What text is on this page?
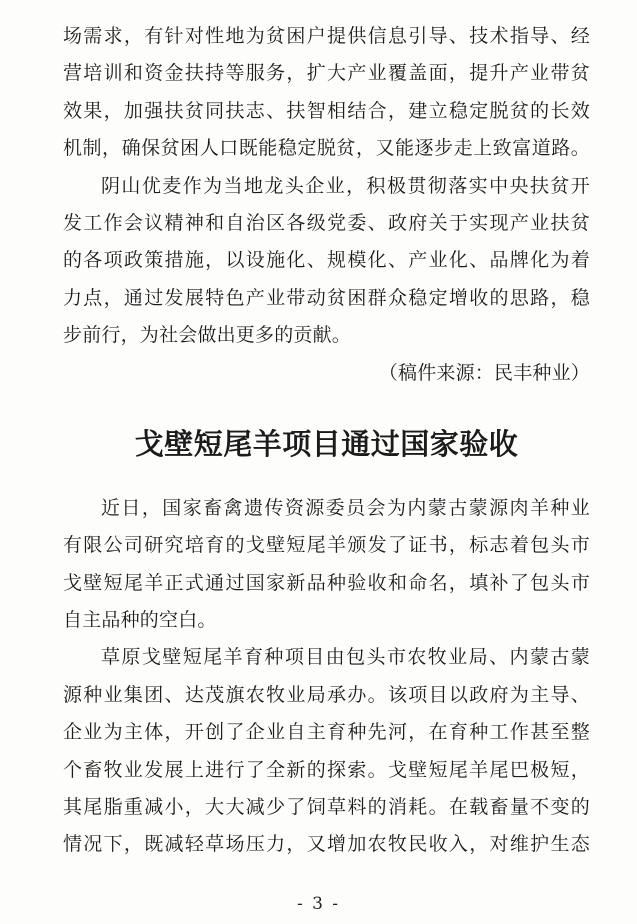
场需求，有针对性地为贫困户提供信息引导、技术指导、经
营培训和资金扶持等服务，扩大产业覆盖面，提升产业带贫
效果，加强扶贫同扶志、扶智相结合，建立稳定脱贫的长效
机制，确保贫困人口既能稳定脱贫，又能逐步走上致富道路。
阴山优麦作为当地龙头企业，积极贯彻落实中央扶贫开
发工作会议精神和自治区各级党委、政府关于实现产业扶贫
的各项政策措施，以设施化、规模化、产业化、品牌化为着
力点，通过发展特色产业带动贫困群众稳定增收的思路，稳
步前行，为社会做出更多的贡献。
（稿件来源：民丰种业）
戈壁短尾羊项目通过国家验收
近日，国家畜禽遗传资源委员会为内蒙古蒙源肉羊种业
有限公司研究培育的戈壁短尾羊颁发了证书，标志着包头市
戈壁短尾羊正式通过国家新品种验收和命名，填补了包头市
自主品种的空白。
草原戈壁短尾羊育种项目由包头市农牧业局、内蒙古蒙
源种业集团、达茂旗农牧业局承办。该项目以政府为主导、
企业为主体，开创了企业自主育种先河，在育种工作甚至整
个畜牧业发展上进行了全新的探索。戈壁短尾羊尾巴极短，
其尾脂重减小，大大减少了饲草料的消耗。在载畜量不变的
情况下，既减轻草场压力，又增加农牧民收入，对维护生态
- 3 -
